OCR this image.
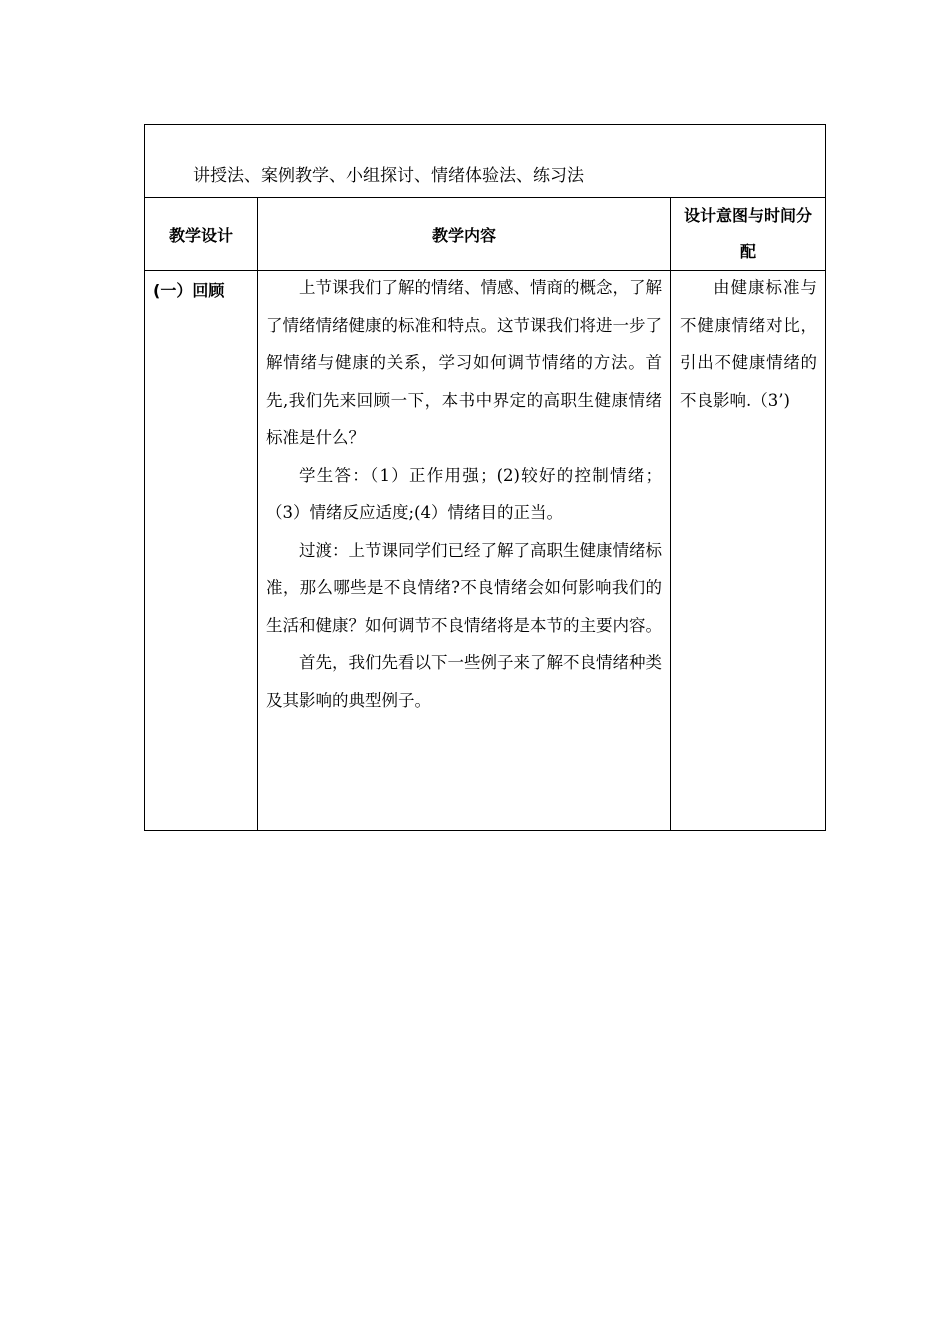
讲授法、案例教学、小组探讨、情绪体验法、练习法		

教学设计	教学内容	设计意图与时间分配
(一）回顾	上节课我们了解的情绪、情感、情商的概念，了解了情绪情绪健康的标准和特点。这节课我们将进一步了解情绪与健康的关系，学习如何调节情绪的方法。首先,我们先来回顾一下，本书中界定的高职生健康情绪标准是什么？

学生答：（1）正作用强；(2)较好的控制情绪；（3）情绪反应适度;(4）情绪目的正当。

过渡：上节课同学们已经了解了高职生健康情绪标准，那么哪些是不良情绪?不良情绪会如何影响我们的生活和健康？如何调节不良情绪将是本节的主要内容。

首先，我们先看以下一些例子来了解不良情绪种类及其影响的典型例子。	由健康标准与不健康情绪对比，引出不健康情绪的不良影响.（3’)
